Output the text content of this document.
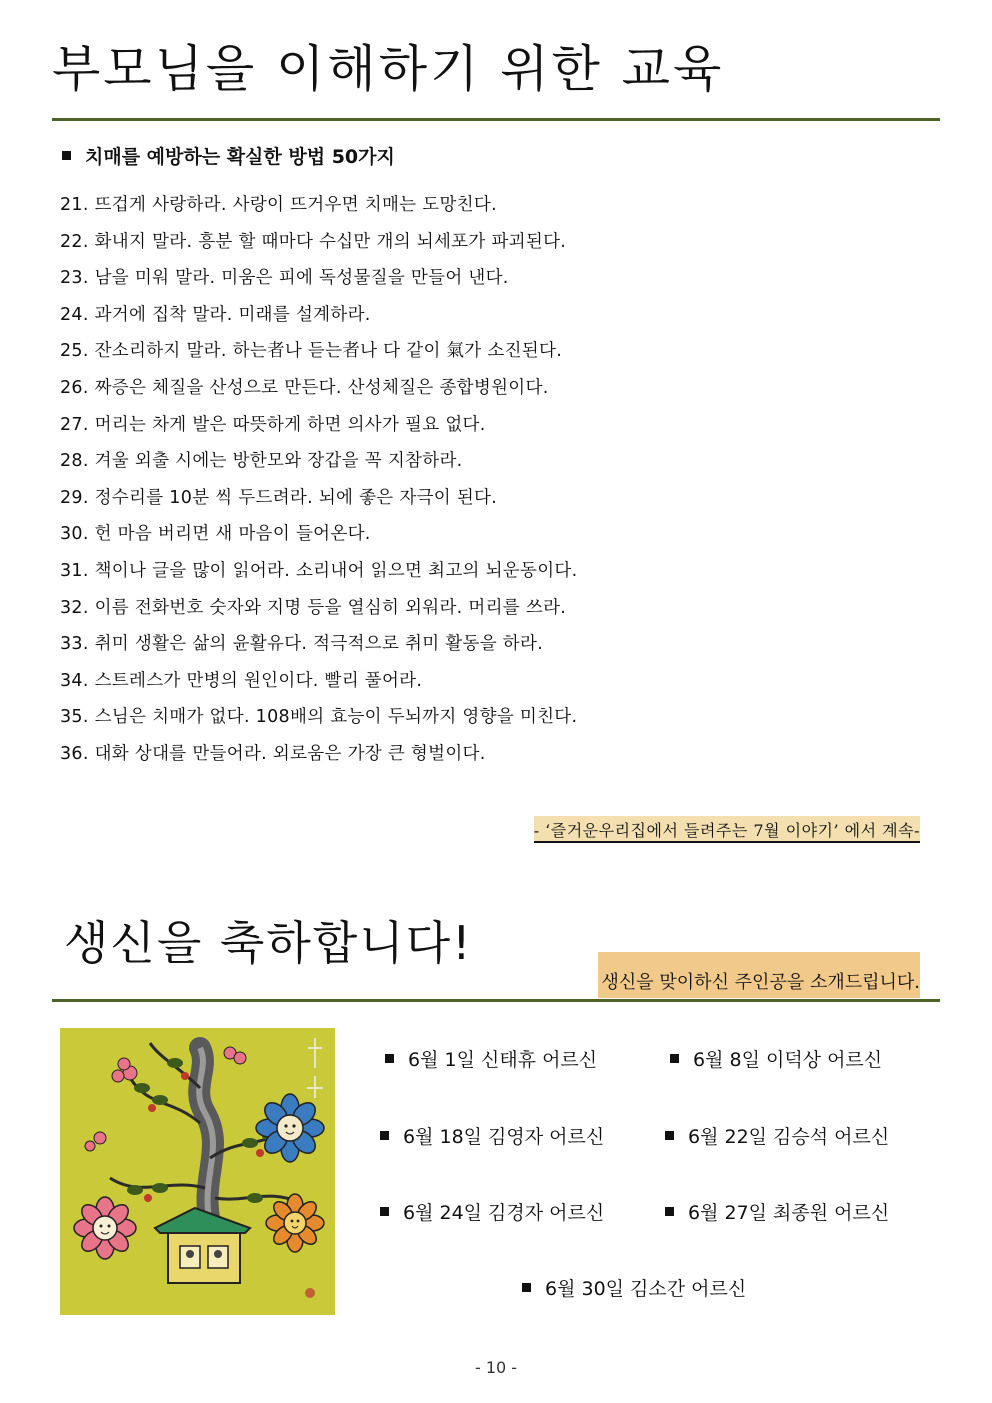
부모님을 이해하기 위한 교육
치매를 예방하는 확실한 방법 50가지
21. 뜨겁게 사랑하라. 사랑이 뜨거우면 치매는 도망친다.
22. 화내지 말라. 흥분 할 때마다 수십만 개의 뇌세포가 파괴된다.
23. 남을 미워 말라. 미움은 피에 독성물질을 만들어 낸다.
24. 과거에 집착 말라. 미래를 설계하라.
25. 잔소리하지 말라. 하는者나 듣는者나 다 같이 氣가 소진된다.
26. 짜증은 체질을 산성으로 만든다. 산성체질은 종합병원이다.
27. 머리는 차게 발은 따뜻하게 하면 의사가 필요 없다.
28. 겨울 외출 시에는 방한모와 장갑을 꼭 지참하라.
29. 정수리를 10분 씩 두드려라. 뇌에 좋은 자극이 된다.
30. 헌 마음 버리면 새 마음이 들어온다.
31. 책이나 글을 많이 읽어라. 소리내어 읽으면 최고의 뇌운동이다.
32. 이름 전화번호 숫자와 지명 등을 열심히 외워라. 머리를 쓰라.
33. 취미 생활은 삶의 윤활유다. 적극적으로 취미 활동을 하라.
34. 스트레스가 만병의 원인이다. 빨리 풀어라.
35. 스님은 치매가 없다. 108배의 효능이 두뇌까지 영향을 미친다.
36. 대화 상대를 만들어라. 외로움은 가장 큰 형벌이다.
- ‘즐거운우리집에서 들려주는 7월 이야기’ 에서 계속-
생신을 축하합니다!
생신을 맞이하신 주인공을 소개드립니다.
6월 1일 신태휴 어르신	6월 8일 이덕상 어르신
6월 18일 김영자 어르신	6월 22일 김승석 어르신
6월 24일 김경자 어르신	6월 27일 최종원 어르신
6월 30일 김소간 어르신
- 10 -
